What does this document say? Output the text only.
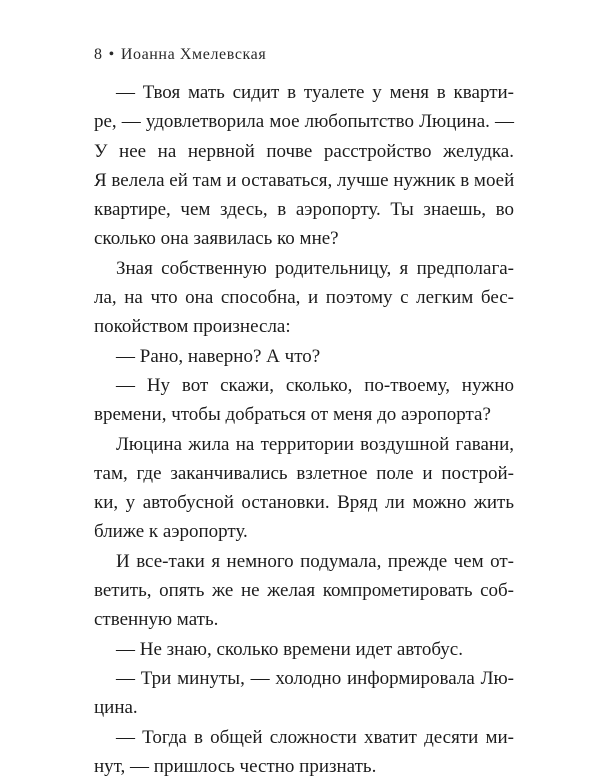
8 • Иоанна Хмелевская
— Твоя мать сидит в туалете у меня в кварти-
ре, — удовлетворила мое любопытство Люцина. —
У нее на нервной почве расстройство желудка.
Я велела ей там и оставаться, лучше нужник в моей
квартире, чем здесь, в аэропорту. Ты знаешь, во
сколько она заявилась ко мне?
Зная собственную родительницу, я предполага-
ла, на что она способна, и поэтому с легким бес-
покойством произнесла:
— Рано, наверно? А что?
— Ну вот скажи, сколько, по-твоему, нужно
времени, чтобы добраться от меня до аэропорта?
Люцина жила на территории воздушной гавани,
там, где заканчивались взлетное поле и построй-
ки, у автобусной остановки. Вряд ли можно жить
ближе к аэропорту.
И все-таки я немного подумала, прежде чем от-
ветить, опять же не желая компрометировать соб-
ственную мать.
— Не знаю, сколько времени идет автобус.
— Три минуты, — холодно информировала Лю-
цина.
— Тогда в общей сложности хватит десяти ми-
нут, — пришлось честно признать.
